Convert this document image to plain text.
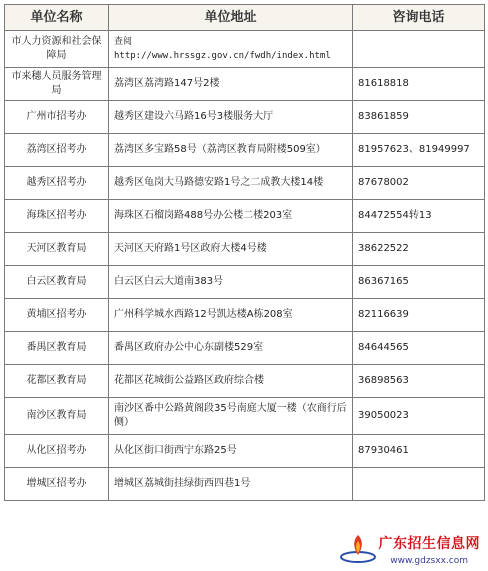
单位名称	单位地址	咨询电话
市人力资源和社会保障局	查阅http://www.hrssgz.gov.cn/fwdh/index.html	
市来穗人员服务管理局	荔湾区荔湾路147号2楼	81618818
广州市招考办	越秀区建设六马路16号3楼服务大厅	83861859
荔湾区招考办	荔湾区多宝路58号（荔湾区教育局附楼509室）	81957623、81949997
越秀区招考办	越秀区龟岗大马路德安路1号之二成教大楼14楼	87678002
海珠区招考办	海珠区石榴岗路488号办公楼二楼203室	84472554转13
天河区教育局	天河区天府路1号区政府大楼4号楼	38622522
白云区教育局	白云区白云大道南383号	86367165
黄埔区招考办	广州科学城水西路12号凯达楼A栋208室	82116639
番禺区教育局	番禺区政府办公中心东副楼529室	84644565
花都区教育局	花都区花城街公益路区政府综合楼	36898563
南沙区教育局	南沙区番中公路黄阁段35号南庭大厦一楼（农商行后侧）	39050023
从化区招考办	从化区街口街西宁东路25号	87930461
增城区招考办	增城区荔城街挂绿街西四巷1号	
广东招生信息网
www.gdzsxx.com
